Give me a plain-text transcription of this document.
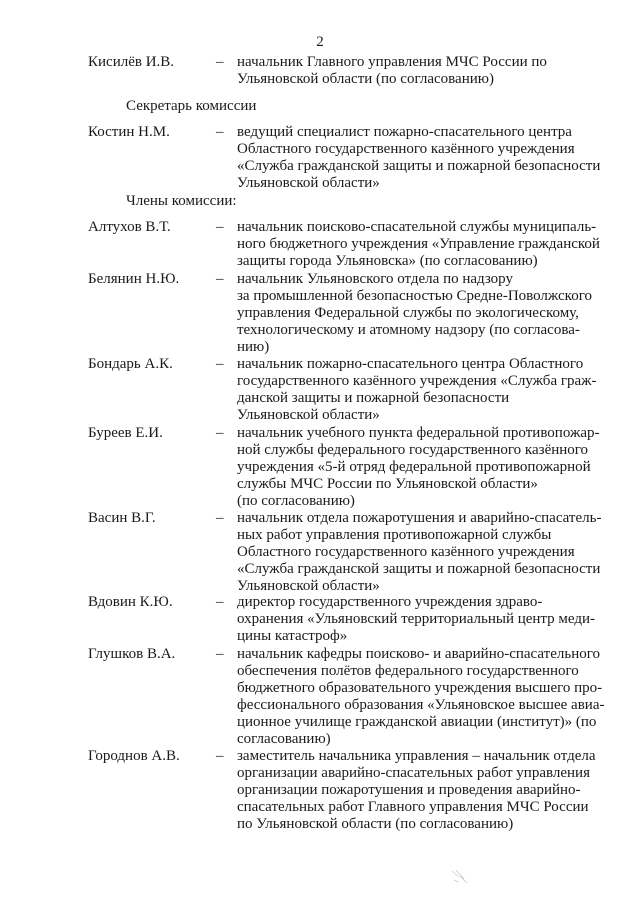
2
Кисилёв И.В.	– начальник Главного управления МЧС России по
Ульяновской области (по согласованию)
Секретарь комиссии
Костин Н.М.	– ведущий специалист пожарно-спасательного центра
Областного государственного казённого учреждения
«Служба гражданской защиты и пожарной безопасности
Ульяновской области»
Члены комиссии:
Алтухов В.Т.	– начальник поисково-спасательной службы муниципаль-
ного бюджетного учреждения «Управление гражданской
защиты города Ульяновска» (по согласованию)
Белянин Н.Ю. – начальник Ульяновского отдела по надзору
за промышленной безопасностью Средне-Поволжского
управления Федеральной службы по экологическому,
технологическому и атомному надзору (по согласова-
нию)
Бондарь А.К.	– начальник пожарно-спасательного центра Областного
государственного казённого учреждения «Служба граж-
данской защиты и пожарной безопасности
Ульяновской области»
Буреев Е.И.	– начальник учебного пункта федеральной противопожар-
ной службы федерального государственного казённого
учреждения «5-й отряд федеральной противопожарной
службы МЧС России по Ульяновской области»
(по согласованию)
Васин В.Г.	– начальник отдела пожаротушения и аварийно-спасатель-
ных работ управления противопожарной службы
Областного государственного казённого учреждения
«Служба гражданской защиты и пожарной безопасности
Ульяновской области»
Вдовин К.Ю.	– директор государственного учреждения здраво-
охранения «Ульяновский территориальный центр меди-
цины катастроф»
Глушков В.А.	– начальник кафедры поисково- и аварийно-спасательного
обеспечения полётов федерального государственного
бюджетного образовательного учреждения высшего про-
фессионального образования «Ульяновское высшее авиа-
ционное училище гражданской авиации (институт)» (по
согласованию)
Городнов А.В. – заместитель начальника управления – начальник отдела
организации аварийно-спасательных работ управления
организации пожаротушения и проведения аварийно-
спасательных работ Главного управления МЧС России
по Ульяновской области (по согласованию)
